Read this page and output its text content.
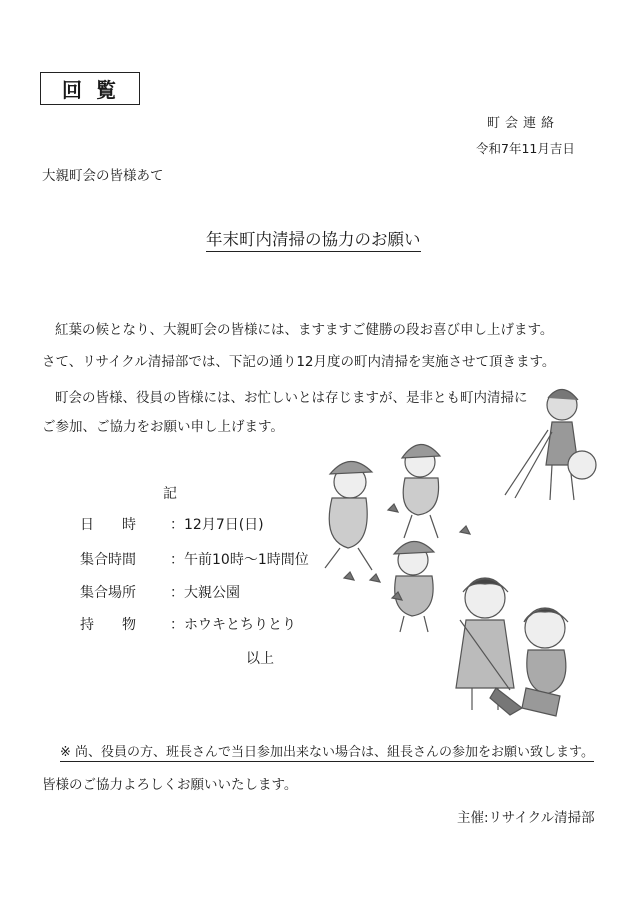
回覧
町会連絡
令和7年11月吉日
大親町会の皆様あて
年末町内清掃の協力のお願い
紅葉の候となり、大親町会の皆様には、ますますご健勝の段お喜び申し上げます。
さて、リサイクル清掃部では、下記の通り12月度の町内清掃を実施させて頂きます。
町会の皆様、役員の皆様には、お忙しいとは存じますが、是非とも町内清掃に
ご参加、ご協力をお願い申し上げます。
記
日　　時 ：12月7日(日)
集合時間 ：午前10時〜1時間位
集合場所 ：大親公園
持　　物 ：ホウキとちりとり
以上
※ 尚、役員の方、班長さんで当日参加出来ない場合は、組長さんの参加をお願い致します。
皆様のご協力よろしくお願いいたします。
主催:リサイクル清掃部
